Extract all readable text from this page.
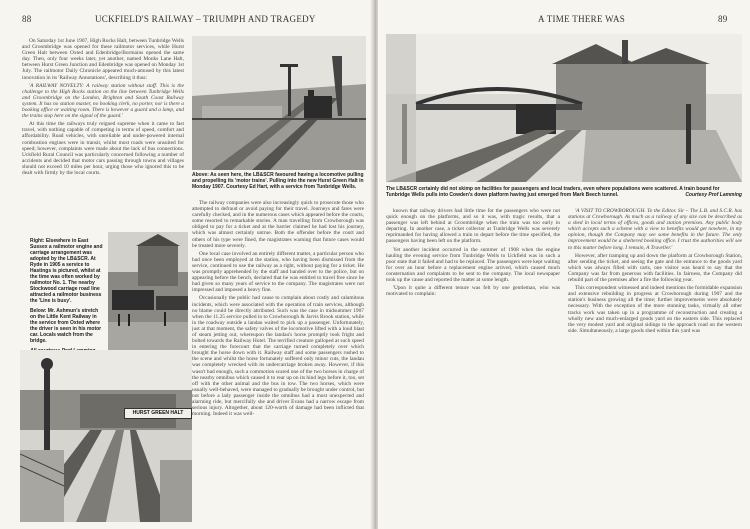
88	UCKFIELD'S RAILWAY – TRIUMPH AND TRAGEDY

On Saturday 1st June 1907, High Rocks Halt, between Tunbridge Wells and Groombridge was opened for these railmotor services, while Hurst Green Halt between Oxted and Edenbridge/Bormains opened the same day. Then, only four weeks later, yet another, named Monks Lane Halt, between Hurst Green Junction and Edenbridge was opened on Monday 1st July. The railmotor Daily Chronicle appeared much-amused by this latest innovation in its 'Railway Annotations', describing it thus:

'A RAILWAY NOVELTY: A railway station without staff. This is the challenge to the High Rocks station on the line between Tunbridge Wells and Groombridge on the London, Brighton and South Coast Railway system. It has no station master, no booking clerk, no porter, nor is there a booking office or waiting room. There is however a guard and a lamp, and the trains stop here on the signal of the guard.'

At this time the railways truly reigned supreme when it came to fast travel, with nothing capable of competing in terms of speed, comfort and affordability. Road vehicles, with unreliable and under-powered internal combustion engines were in transit, whilst most roads were unsuited for speed; however, complaints were made about the lack of bus connections. Uckfield Rural Council was particularly concerned following a number of accidents and decided that motor cars passing through towns and villages should not exceed 10 miles per hour, urging those who ignored this to be dealt with firmly by the local courts.	Above: As seen here, the LB&SCR favoured having a locomotive pulling and propelling its 'motor trains'. Pulling into the new Hurst Green Halt in Monday 1907. Courtesy Ed Hart, with a service from Tunbridge Wells.

The railway companies were also increasingly quick to prosecute those who attempted to defraud or avoid paying for their travel. Journeys and fares were carefully checked, and in the numerous cases which appeared before the courts, some resorted to remarkable stories. A man travelling from Crowborough was obliged to pay for a ticket and at the barrier claimed he had lost his journey, which was almost certainly untrue. Both the offender before the court and others of his type were fined, the magistrates warning that future cases would be treated more severely.

One local case involved an entirely different matter, a particular person who had once been employed at the station, who having been dismissed from the service, continued to use the railway as a right, without paying for a ticket. He was promptly apprehended by the staff and handed over to the police, but on appearing before the bench, declared that he was entitled to travel free since he had given so many years of service to the company. The magistrates were not impressed and imposed a heavy fine.

Occasionally the public had cause to complain about costly and calamitous incidents, which were associated with the operation of train services, although no blame could be directly attributed. Such was the case in midsummer 1907 when the 11.25 service pulled in to Crowborough & Jarvis Brook station, while in the roadway outside a landau waited to pick up a passenger. Unfortunately, just at that moment, the safety valves of the locomotive lifted with a loud blast of steam jetting out, whereupon the landau's horse promptly took fright and bolted towards the Railway Hotel. The terrified creature galloped at such speed in entering the forecourt that the carriage turned completely over which brought the horse down with it. Railway staff and some passengers rushed to the scene and whilst the horse fortunately suffered only minor cuts, the landau was completely wrecked with its undercarriage broken away. However, if this wasn't bad enough, such a commotion scared one of the two horses in charge of the nearby omnibus which caused it to rear up on its hind legs before it, too, set off with the other animal and the bus in tow. The two horses, which were usually well-behaved, were managed to gradually be brought under control, but not before a lady passenger inside the omnibus had a most unexpected and alarming ride, but mercifully she and driver Evans had a narrow escape from serious injury. Altogether, about 120-worth of damage had been inflicted that morning. Indeed it was well-

Right: Elsewhere in East Sussex a railmotor engine and carriage arrangement was adopted by the LB&SCR. At Ryde in 1905 a service to Hastings is pictured, whilst at the time was often worked by railmotor No. 1. The nearby Stockwood carriage road line attracted a railmotor business the 'Line is busy'.

Below: Mr. Ashmun's stretch on the Little Kent Railway in the service from Oxted where the driver is seen in his motor car. Locals watch from the bridge.

HURST GREEN HALT
A TIME THERE WAS	89
The LB&SCR certainly did not skimp on facilities for passengers and local traders, even where populations were scattered. A train bound for Tunbridge Wells pulls into Cowden's down platform having just emerged from Mark Beech tunnel.	Courtesy Prof Lamming

known that railway drivers had little time for the passengers who were not quick enough on the platforms, and so it was, with tragic results, that a passenger was left behind at Groombridge when the train was too early in departing. In another case, a ticket collector at Tunbridge Wells was severely reprimanded for having allowed a train to depart before the time specified, the passengers having been left on the platform.

Yet another incident occurred in the summer of 1908 when the engine hauling the evening service from Tunbridge Wells to Uckfield was in such a poor state that it failed and had to be replaced. The passengers were kept waiting for over an hour before a replacement engine arrived, which caused much consternation and complaints to be sent to the company. The local newspaper took up the cause and reported the matter at some length.

'Upon it quite a different tenure was felt by one gentleman, who was motivated to complain:

'A VISIT TO CROWBOROUGH. To the Editor. Sir – The L.B. and S.C.R. has stations at Crowborough. As much as a railway of any size can be described as a shed in local terms of offices, goods and station premises. Any public body which accepts such a scheme with a view to benefits would get nowhere, in my opinion, though the Company may see some benefits in the future. The only improvement would be a sheltered booking office. I trust the authorities will see to this matter before long. I remain, A Traveller.'

However, after tramping up and down the platform at Crowborough Station, after sending the ticket, and seeing the gate and the entrance to the goods yard which was always filled with carts, one visitor was heard to say that the Company was far from generous with facilities. In fairness, the Company did rebuild part of the premises after a fire the following year.

This correspondent witnessed and indeed mentions the formidable expansion and extensive rebuilding in progress at Crowborough during 1907 and the station's business growing all the time; further improvements were absolutely necessary. With the exception of the more stunning tasks, virtually all other tracks work was taken up in a programme of reconstruction and creating a wholly new and much-enlarged goods yard on the eastern side. This replaced the very modest yard and original sidings to the approach road on the western side. Simultaneously, a large goods shed within this yard was
